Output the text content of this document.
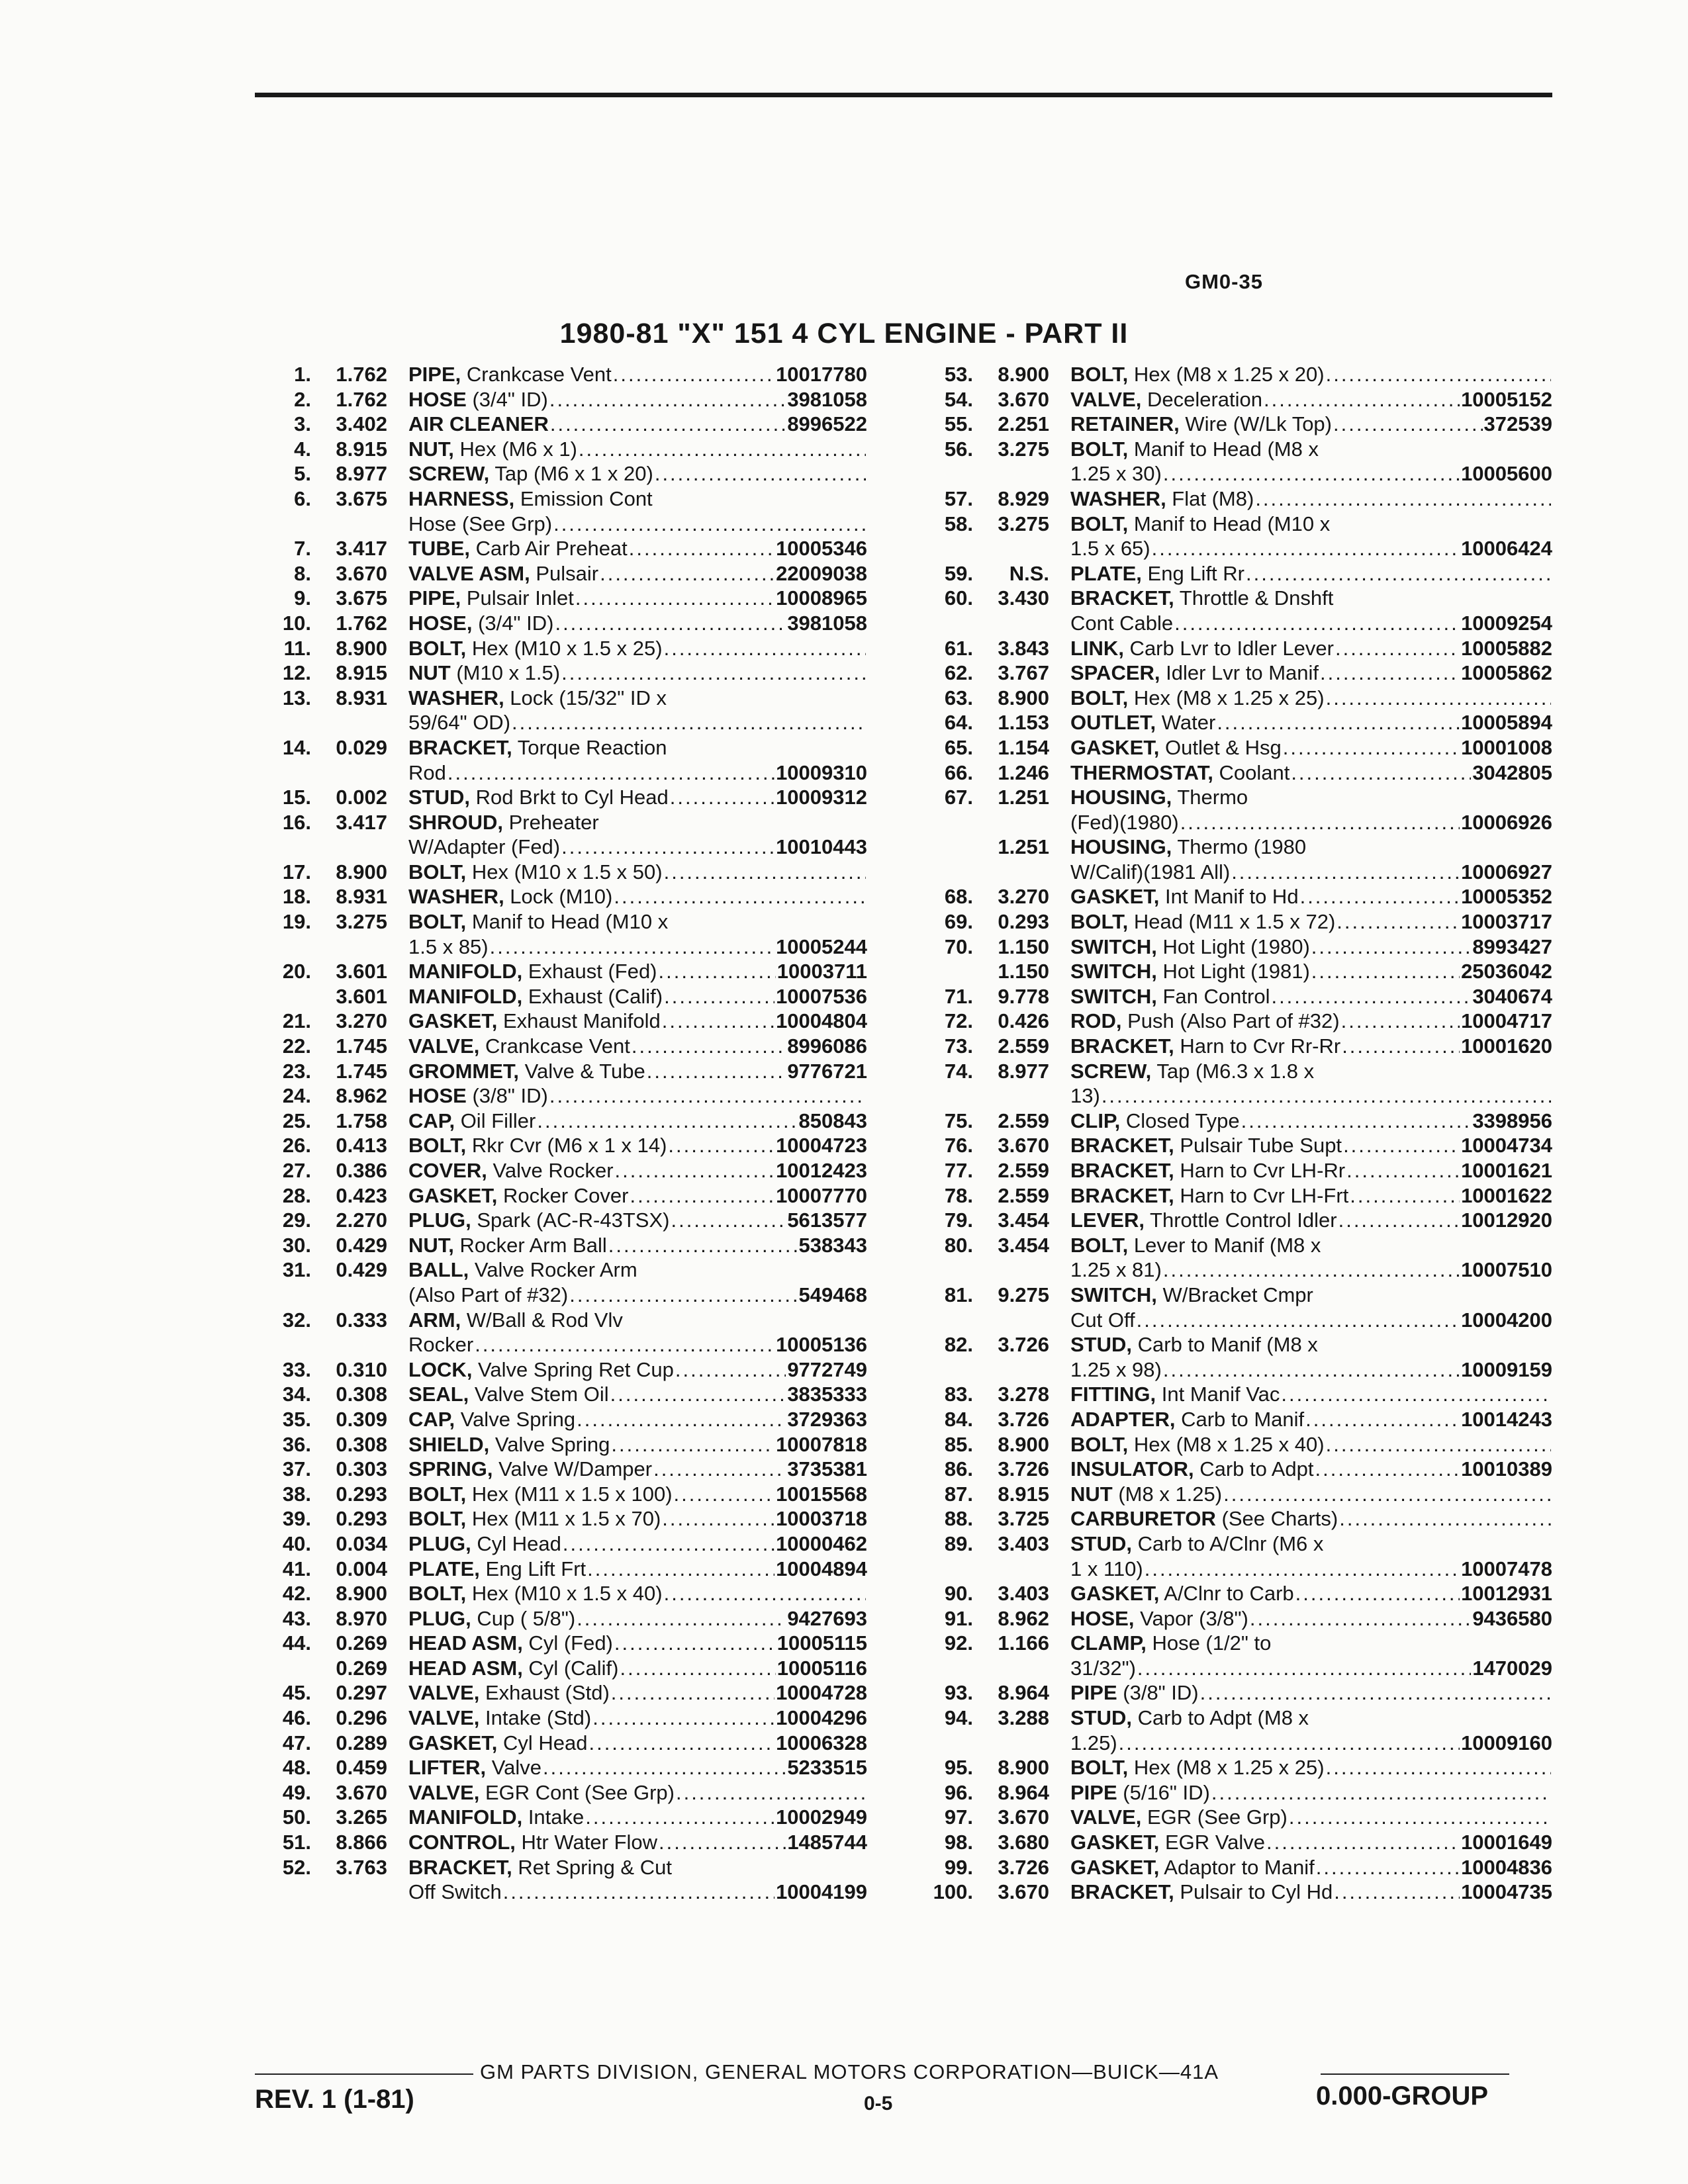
GM0-35
1980-81 "X" 151 4 CYL ENGINE - PART II
1.	1.762 PIPE, Crankcase Vent .....	10017780
2.	1.762 HOSE (3/4" ID) .....	3981058
3.	3.402 AIR CLEANER .....	8996522
4.	8.915 NUT, Hex (M6 x 1)
.....
5.	8.977 SCREW, Tap (M6 x 1 x 20)
.....
6.	3.675 HARNESS, Emission Cont
Hose (See Grp)
.....
7.	3.417 TUBE, Carb Air Preheat .....	10005346
8.	3.670 VALVE ASM, Pulsair .....	22009038
9.	3.675 PIPE, Pulsair Inlet .....	10008965
10.	1.762 HOSE, (3/4" ID) .....	3981058
11.	8.900 BOLT, Hex (M10 x 1.5 x 25)
.....
12.	8.915 NUT (M10 x 1.5)
.....
13.	8.931 WASHER, Lock (15/32" ID x
59/64" OD)
.....
14.	0.029 BRACKET, Torque Reaction
Rod .....	10009310
15.	0.002 STUD, Rod Brkt to Cyl Head .....	10009312
16.	3.417 SHROUD, Preheater
W/Adapter (Fed) .....	10010443
17.	8.900 BOLT, Hex (M10 x 1.5 x 50)
.....
18.	8.931 WASHER, Lock (M10)
.....
19.	3.275 BOLT, Manif to Head (M10 x
1.5 x 85) .....	10005244
20.	3.601 MANIFOLD, Exhaust (Fed) .....	10003711
3.601 MANIFOLD, Exhaust (Calif) .....	10007536
21.	3.270 GASKET, Exhaust Manifold .....	10004804
22.	1.745 VALVE, Crankcase Vent .....	8996086
23.	1.745 GROMMET, Valve & Tube .....	9776721
24.	8.962 HOSE (3/8" ID)
.....
25.	1.758 CAP, Oil Filler .....	850843
26.	0.413 BOLT, Rkr Cvr (M6 x 1 x 14) .....	10004723
27.	0.386 COVER, Valve Rocker .....	10012423
28.	0.423 GASKET, Rocker Cover .....	10007770
29.	2.270 PLUG, Spark (AC-R-43TSX) .....	5613577
30.	0.429 NUT, Rocker Arm Ball .....	538343
31.	0.429 BALL, Valve Rocker Arm
(Also Part of #32) .....	549468
32.	0.333 ARM, W/Ball & Rod Vlv
Rocker .....	10005136
33.	0.310 LOCK, Valve Spring Ret Cup .....	9772749
34.	0.308 SEAL, Valve Stem Oil .....	3835333
35.	0.309 CAP, Valve Spring .....	3729363
36.	0.308 SHIELD, Valve Spring .....	10007818
37.	0.303 SPRING, Valve W/Damper .....	3735381
38.	0.293 BOLT, Hex (M11 x 1.5 x 100) .....	10015568
39.	0.293 BOLT, Hex (M11 x 1.5 x 70) .....	10003718
40.	0.034 PLUG, Cyl Head .....	10000462
41.	0.004 PLATE, Eng Lift Frt .....	10004894
42.	8.900 BOLT, Hex (M10 x 1.5 x 40)
.....
43.	8.970 PLUG, Cup ( 5/8") .....	9427693
44.	0.269 HEAD ASM, Cyl (Fed) .....	10005115
0.269 HEAD ASM, Cyl (Calif) .....	10005116
45.	0.297 VALVE, Exhaust (Std) .....	10004728
46.	0.296 VALVE, Intake (Std) .....	10004296
47.	0.289 GASKET, Cyl Head .....	10006328
48.	0.459 LIFTER, Valve .....	5233515
49.	3.670 VALVE, EGR Cont (See Grp)
.....
50.	3.265 MANIFOLD, Intake .....	10002949
51.	8.866 CONTROL, Htr Water Flow .....	1485744
52.	3.763 BRACKET, Ret Spring & Cut
Off Switch .....	10004199
53.	8.900 BOLT, Hex (M8 x 1.25 x 20)
.....
54.	3.670 VALVE, Deceleration .....	10005152
55.	2.251 RETAINER, Wire (W/Lk Top) .....	372539
56.	3.275 BOLT, Manif to Head (M8 x
1.25 x 30) .....	10005600
57.	8.929 WASHER, Flat (M8)
.....
58.	3.275 BOLT, Manif to Head (M10 x
1.5 x 65) .....	10006424
59.	N.S. PLATE, Eng Lift Rr
.....
60.	3.430 BRACKET, Throttle & Dnshft
Cont Cable .....	10009254
61.	3.843 LINK, Carb Lvr to Idler Lever .....	10005882
62.	3.767 SPACER, Idler Lvr to Manif .....	10005862
63.	8.900 BOLT, Hex (M8 x 1.25 x 25)
.....
64.	1.153 OUTLET, Water .....	10005894
65.	1.154 GASKET, Outlet & Hsg .....	10001008
66.	1.246 THERMOSTAT, Coolant .....	3042805
67.	1.251 HOUSING, Thermo
(Fed)(1980) .....	10006926
1.251 HOUSING, Thermo (1980
W/Calif)(1981 All) .....	10006927
68.	3.270 GASKET, Int Manif to Hd .....	10005352
69.	0.293 BOLT, Head (M11 x 1.5 x 72) .....	10003717
70.	1.150 SWITCH, Hot Light (1980) .....	8993427
1.150 SWITCH, Hot Light (1981) .....	25036042
71.	9.778 SWITCH, Fan Control .....	3040674
72.	0.426 ROD, Push (Also Part of #32) .....	10004717
73.	2.559 BRACKET, Harn to Cvr Rr-Rr .....	10001620
74.	8.977 SCREW, Tap (M6.3 x 1.8 x
13)
.....
75.	2.559 CLIP, Closed Type .....	3398956
76.	3.670 BRACKET, Pulsair Tube Supt .....	10004734
77.	2.559 BRACKET, Harn to Cvr LH-Rr .....	10001621
78.	2.559 BRACKET, Harn to Cvr LH-Frt .....	10001622
79.	3.454 LEVER, Throttle Control Idler .....	10012920
80.	3.454 BOLT, Lever to Manif (M8 x
1.25 x 81) .....	10007510
81.	9.275 SWITCH, W/Bracket Cmpr
Cut Off .....	10004200
82.	3.726 STUD, Carb to Manif (M8 x
1.25 x 98) .....	10009159
83.	3.278 FITTING, Int Manif Vac
.....
84.	3.726 ADAPTER, Carb to Manif .....	10014243
85.	8.900 BOLT, Hex (M8 x 1.25 x 40)
.....
86.	3.726 INSULATOR, Carb to Adpt .....	10010389
87.	8.915 NUT (M8 x 1.25)
.....
88.	3.725 CARBURETOR (See Charts)
.....
89.	3.403 STUD, Carb to A/Clnr (M6 x
1 x 110) .....	10007478
90.	3.403 GASKET, A/Clnr to Carb .....	10012931
91.	8.962 HOSE, Vapor (3/8") .....	9436580
92.	1.166 CLAMP, Hose (1/2" to
31/32") .....	1470029
93.	8.964 PIPE (3/8" ID)
.....
94.	3.288 STUD, Carb to Adpt (M8 x
1.25) .....	10009160
95.	8.900 BOLT, Hex (M8 x 1.25 x 25)
.....
96.	8.964 PIPE (5/16" ID)
.....
97.	3.670 VALVE, EGR (See Grp)
.....
98.	3.680 GASKET, EGR Valve .....	10001649
99.	3.726 GASKET, Adaptor to Manif .....	10004836
100.	3.670 BRACKET, Pulsair to Cyl Hd .....	10004735
GM PARTS DIVISION, GENERAL MOTORS CORPORATION—BUICK—41A
REV. 1 (1-81)	0-5	0.000-GROUP
